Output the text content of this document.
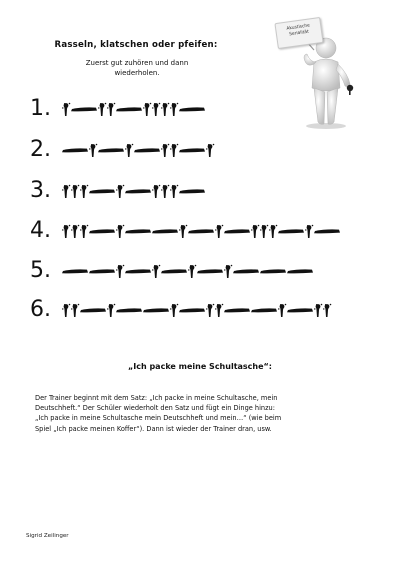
Rasseln, klatschen oder pfeifen:
Zuerst gut zuhören und dann
wiederholen.
Akustische
Serialität
1.
2.
3.
4.
5.
6.
„Ich packe meine Schultasche“:

Der Trainer beginnt mit dem Satz: „Ich packe in meine Schultasche, mein

Deutschheft.“ Der Schüler wiederholt den Satz und fügt ein Dinge hinzu:

„Ich packe in meine Schultasche mein Deutschheft und mein…“ (wie beim

Spiel „Ich packe meinen Koffer“). Dann ist wieder der Trainer dran, usw.

Sigrid Zeilinger
